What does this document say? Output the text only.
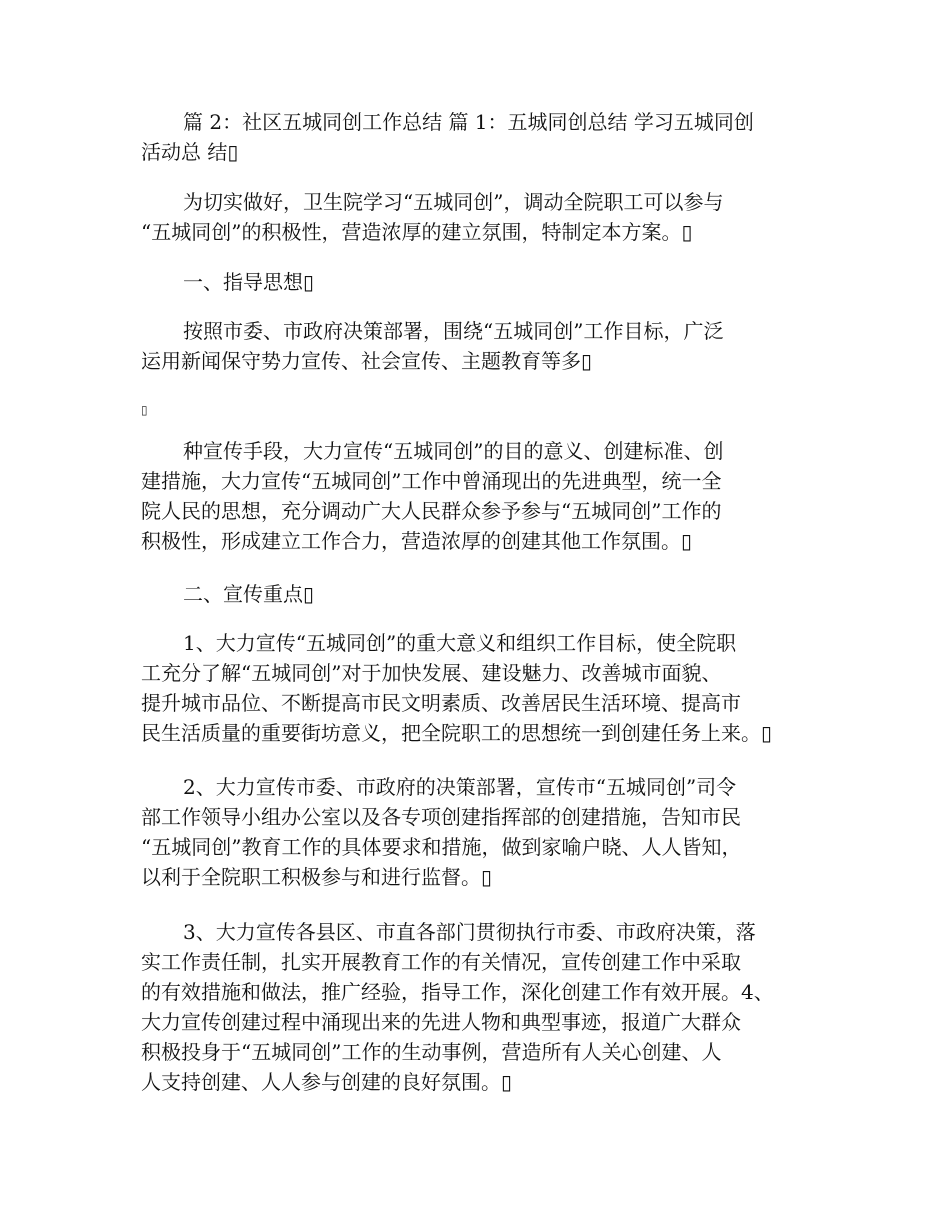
篇 2：社区五城同创工作总结 篇 1：五城同创总结 学习五城同创
活动总 结▯

为切实做好，卫生院学习“五城同创”，调动全院职工可以参与
“五城同创”的积极性，营造浓厚的建立氛围，特制定本方案。▯

一、指导思想▯

按照市委、市政府决策部署，围绕“五城同创”工作目标，广泛
运用新闻保守势力宣传、社会宣传、主题教育等多▯

▯

种宣传手段，大力宣传“五城同创”的目的意义、创建标准、创
建措施，大力宣传“五城同创”工作中曾涌现出的先进典型，统一全
院人民的思想，充分调动广大人民群众参予参与“五城同创”工作的
积极性，形成建立工作合力，营造浓厚的创建其他工作氛围。▯

二、宣传重点▯

1、大力宣传“五城同创”的重大意义和组织工作目标，使全院职
工充分了解“五城同创”对于加快发展、建设魅力、改善城市面貌、
提升城市品位、不断提高市民文明素质、改善居民生活环境、提高市
民生活质量的重要街坊意义，把全院职工的思想统一到创建任务上来。▯

2、大力宣传市委、市政府的决策部署，宣传市“五城同创”司令
部工作领导小组办公室以及各专项创建指挥部的创建措施，告知市民
“五城同创”教育工作的具体要求和措施，做到家喻户晓、人人皆知，
以利于全院职工积极参与和进行监督。▯

3、大力宣传各县区、市直各部门贯彻执行市委、市政府决策，落
实工作责任制，扎实开展教育工作的有关情况，宣传创建工作中采取
的有效措施和做法，推广经验，指导工作，深化创建工作有效开展。4、
大力宣传创建过程中涌现出来的先进人物和典型事迹，报道广大群众
积极投身于“五城同创”工作的生动事例，营造所有人关心创建、人
人支持创建、人人参与创建的良好氛围。▯
